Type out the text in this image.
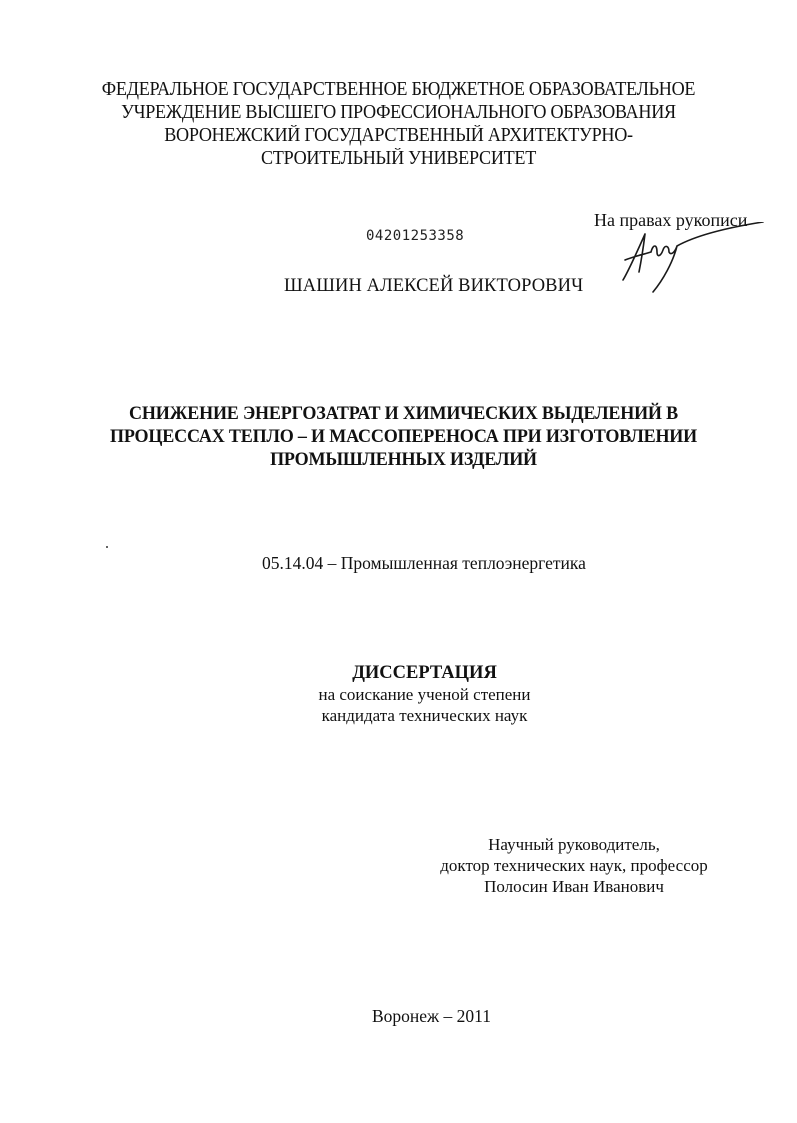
ФЕДЕРАЛЬНОЕ ГОСУДАРСТВЕННОЕ БЮДЖЕТНОЕ ОБРАЗОВАТЕЛЬНОЕ
УЧРЕЖДЕНИЕ ВЫСШЕГО ПРОФЕССИОНАЛЬНОГО ОБРАЗОВАНИЯ
ВОРОНЕЖСКИЙ ГОСУДАРСТВЕННЫЙ АРХИТЕКТУРНО-
СТРОИТЕЛЬНЫЙ УНИВЕРСИТЕТ
На правах рукописи
04201253358
ШАШИН АЛЕКСЕЙ ВИКТОРОВИЧ
СНИЖЕНИЕ ЭНЕРГОЗАТРАТ И ХИМИЧЕСКИХ ВЫДЕЛЕНИЙ В
ПРОЦЕССАХ ТЕПЛО – И МАССОПЕРЕНОСА ПРИ ИЗГОТОВЛЕНИИ
ПРОМЫШЛЕННЫХ ИЗДЕЛИЙ
05.14.04 – Промышленная теплоэнергетика
ДИССЕРТАЦИЯ
на соискание ученой степени
кандидата технических наук
Научный руководитель,
доктор технических наук, профессор
Полосин Иван Иванович
Воронеж – 2011
